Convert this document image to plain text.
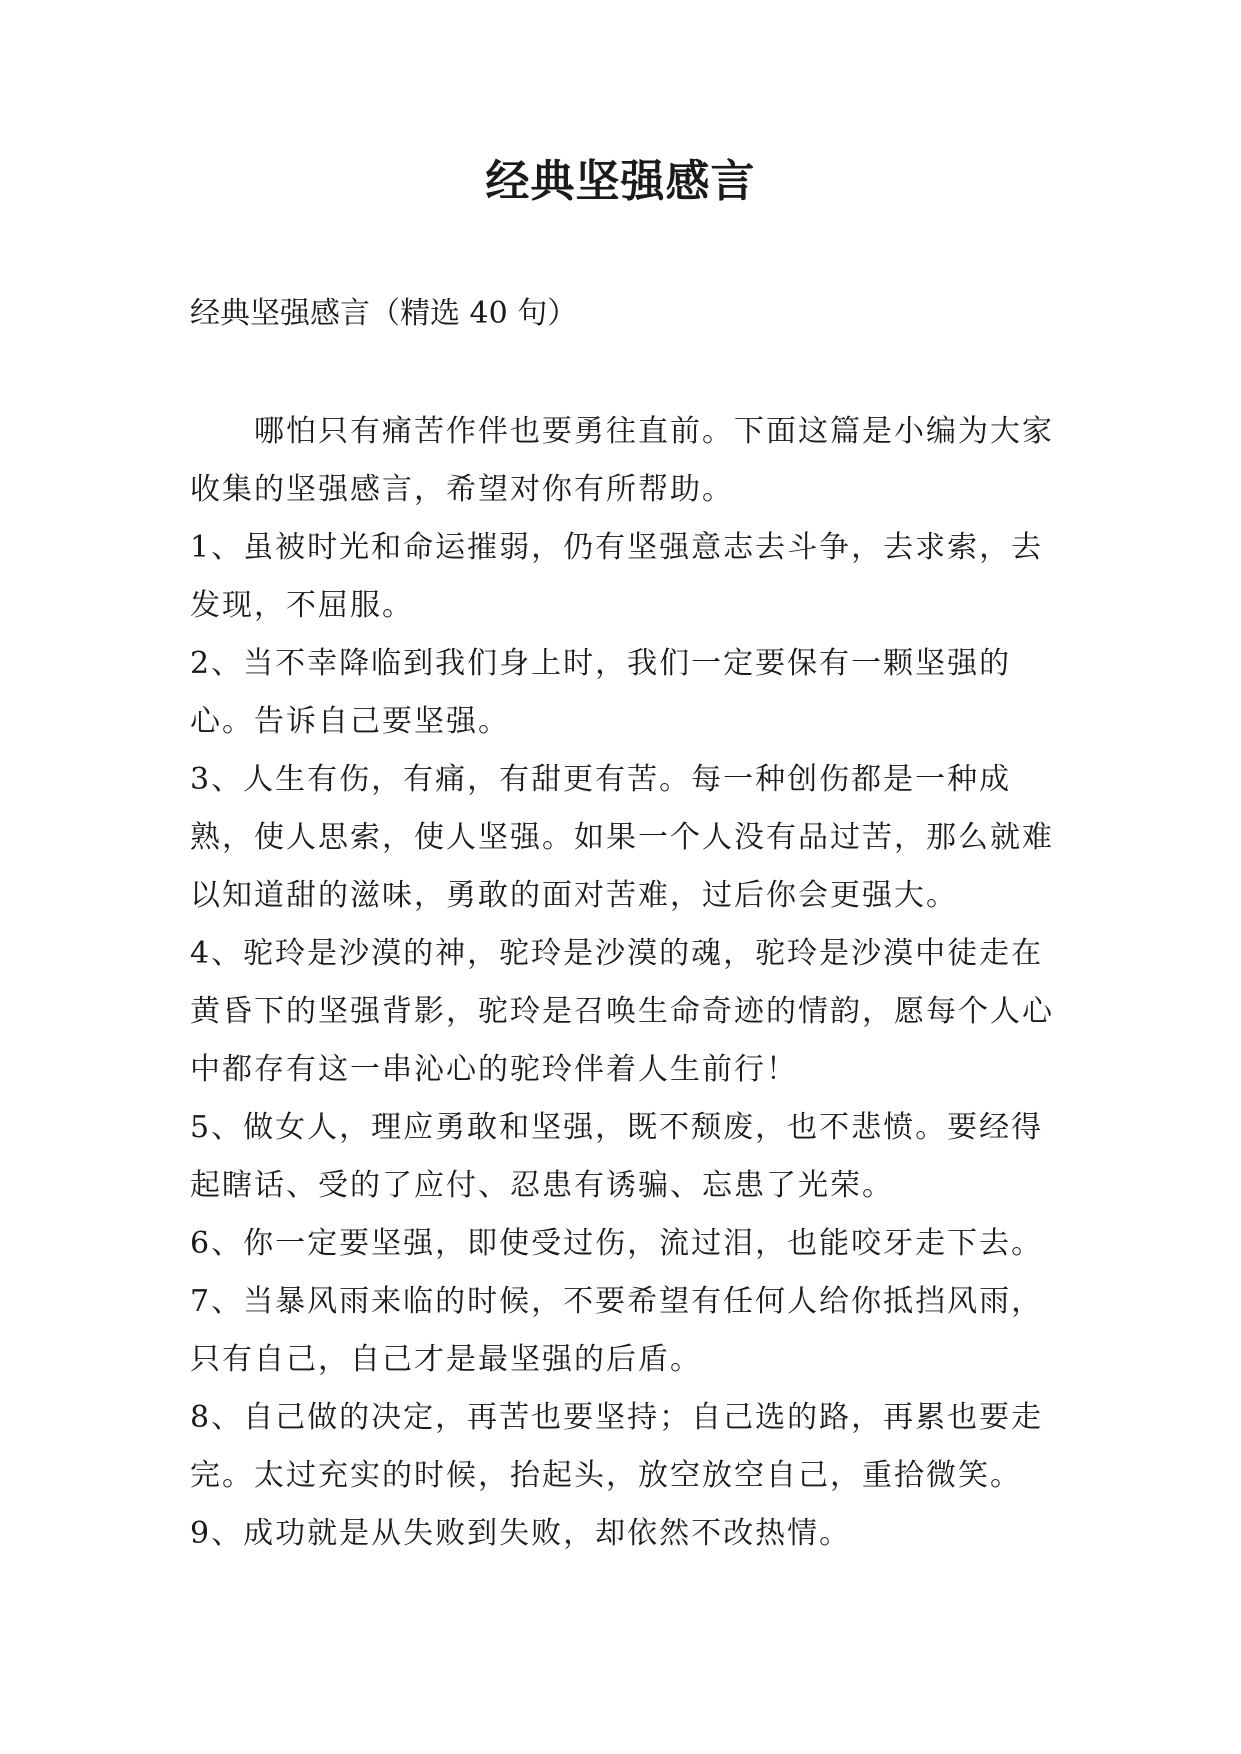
经典坚强感言

经典坚强感言（精选 40 句）

哪怕只有痛苦作伴也要勇往直前。下面这篇是小编为大家收集的坚强感言，希望对你有所帮助。

1、虽被时光和命运摧弱，仍有坚强意志去斗争，去求索，去发现，不屈服。

2、当不幸降临到我们身上时，我们一定要保有一颗坚强的心。告诉自己要坚强。

3、人生有伤，有痛，有甜更有苦。每一种创伤都是一种成熟，使人思索，使人坚强。如果一个人没有品过苦，那么就难以知道甜的滋味，勇敢的面对苦难，过后你会更强大。

4、驼玲是沙漠的神，驼玲是沙漠的魂，驼玲是沙漠中徒走在黄昏下的坚强背影，驼玲是召唤生命奇迹的情韵，愿每个人心中都存有这一串沁心的驼玲伴着人生前行！

5、做女人，理应勇敢和坚强，既不颓废，也不悲愤。要经得起瞎话、受的了应付、忍患有诱骗、忘患了光荣。

6、你一定要坚强，即使受过伤，流过泪，也能咬牙走下去。

7、当暴风雨来临的时候，不要希望有任何人给你抵挡风雨，只有自己，自己才是最坚强的后盾。

8、自己做的决定，再苦也要坚持；自己选的路，再累也要走完。太过充实的时候，抬起头，放空放空自己，重拾微笑。

9、成功就是从失败到失败，却依然不改热情。
